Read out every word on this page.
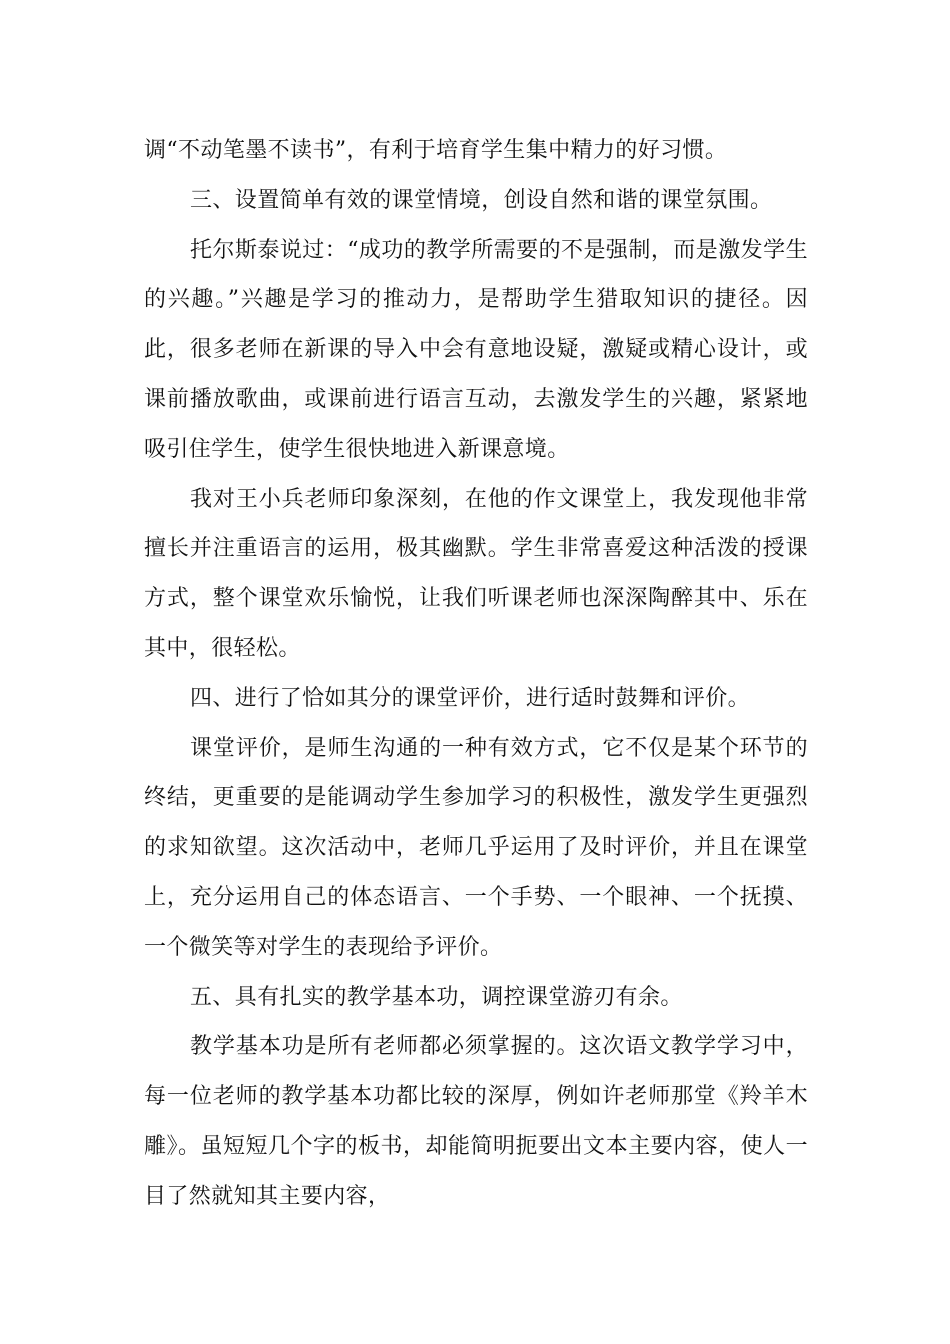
调“不动笔墨不读书”，有利于培育学生集中精力的好习惯。

三、设置简单有效的课堂情境，创设自然和谐的课堂氛围。

托尔斯泰说过：“成功的教学所需要的不是强制，而是激发学生的兴趣。”兴趣是学习的推动力，是帮助学生猎取知识的捷径。因此，很多老师在新课的导入中会有意地设疑，激疑或精心设计，或课前播放歌曲，或课前进行语言互动，去激发学生的兴趣，紧紧地吸引住学生，使学生很快地进入新课意境。

我对王小兵老师印象深刻，在他的作文课堂上，我发现他非常擅长并注重语言的运用，极其幽默。学生非常喜爱这种活泼的授课方式，整个课堂欢乐愉悦，让我们听课老师也深深陶醉其中、乐在其中，很轻松。

四、进行了恰如其分的课堂评价，进行适时鼓舞和评价。

课堂评价，是师生沟通的一种有效方式，它不仅是某个环节的终结，更重要的是能调动学生参加学习的积极性，激发学生更强烈的求知欲望。这次活动中，老师几乎运用了及时评价，并且在课堂上，充分运用自己的体态语言、一个手势、一个眼神、一个抚摸、一个微笑等对学生的表现给予评价。

五、具有扎实的教学基本功，调控课堂游刃有余。

教学基本功是所有老师都必须掌握的。这次语文教学学习中，每一位老师的教学基本功都比较的深厚，例如许老师那堂《羚羊木雕》。虽短短几个字的板书，却能简明扼要出文本主要内容，使人一目了然就知其主要内容，
